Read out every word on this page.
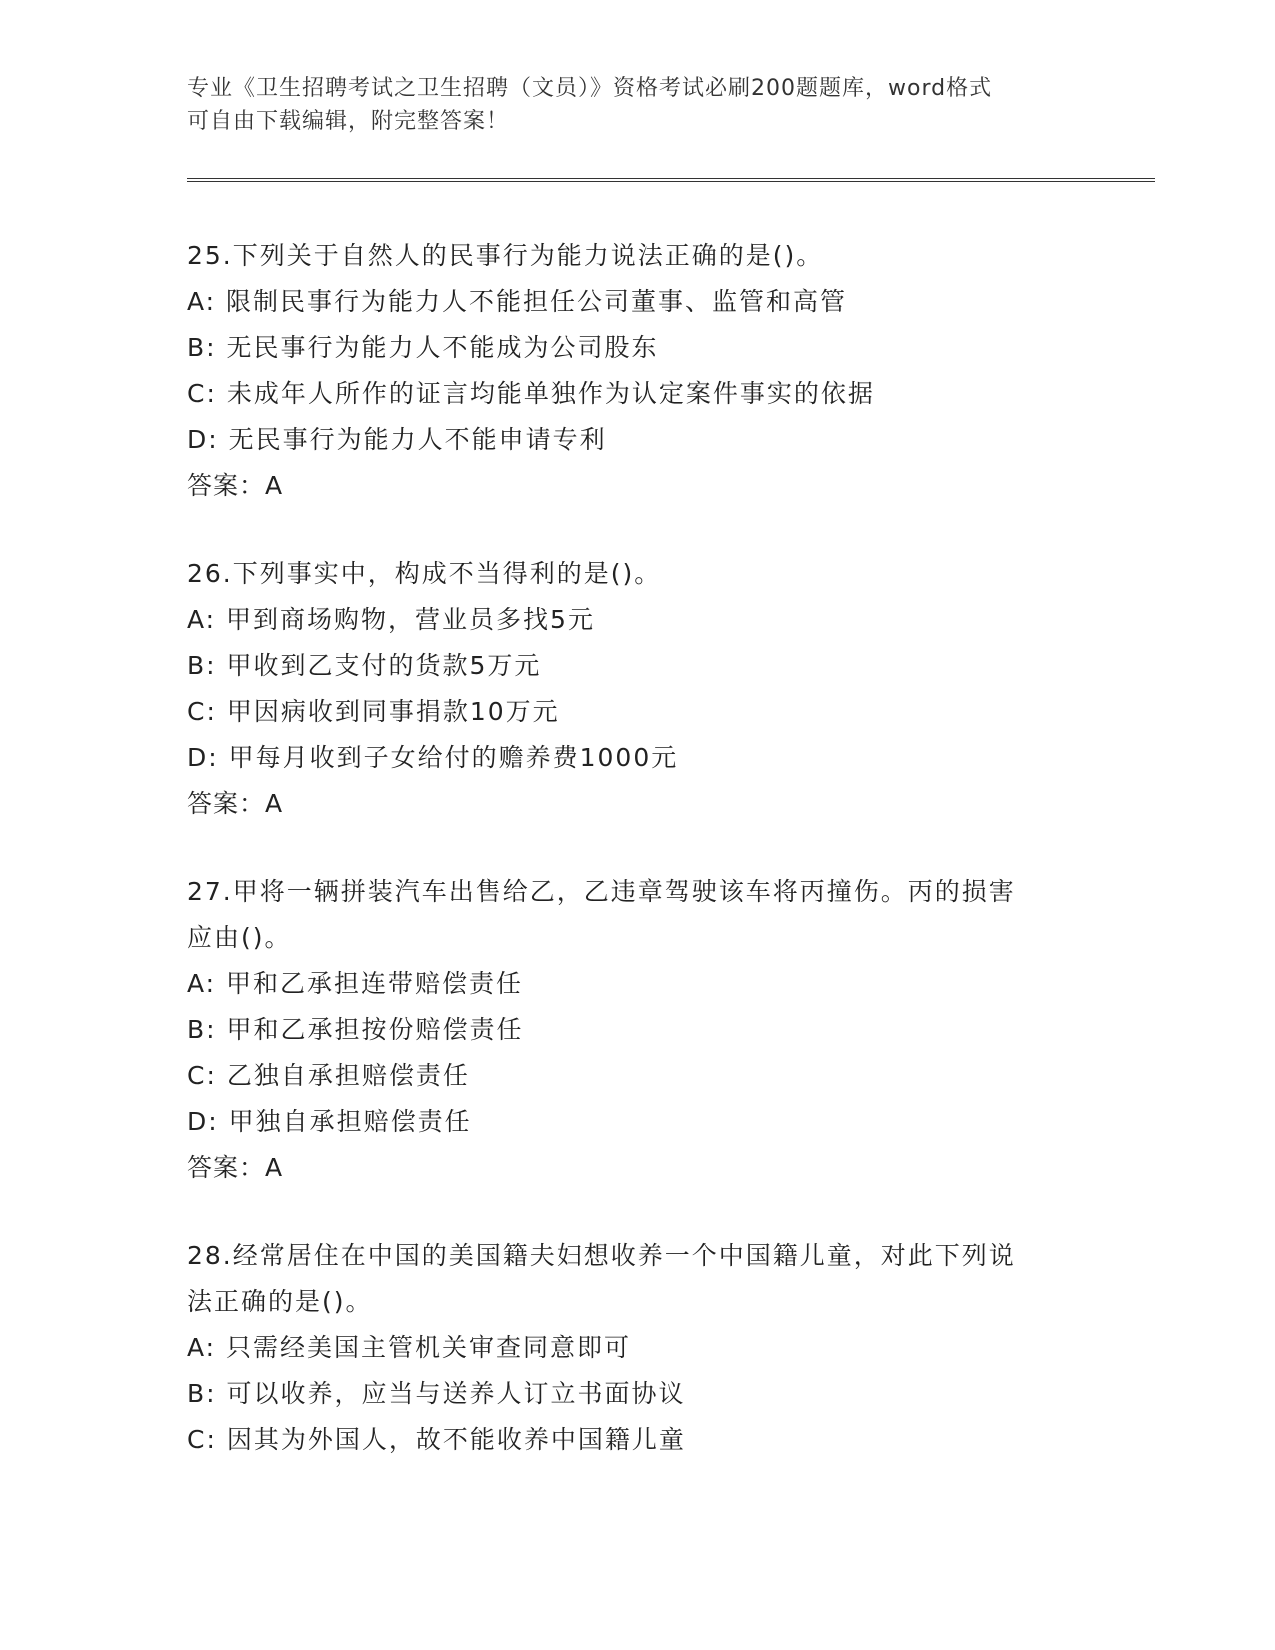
专业《卫生招聘考试之卫生招聘（文员）》资格考试必刷200题题库，word格式
可自由下载编辑，附完整答案！
25.下列关于自然人的民事行为能力说法正确的是()。
A: 限制民事行为能力人不能担任公司董事、监管和高管
B: 无民事行为能力人不能成为公司股东
C: 未成年人所作的证言均能单独作为认定案件事实的依据
D: 无民事行为能力人不能申请专利
答案：A
26.下列事实中，构成不当得利的是()。
A: 甲到商场购物，营业员多找5元
B: 甲收到乙支付的货款5万元
C: 甲因病收到同事捐款10万元
D: 甲每月收到子女给付的赡养费1000元
答案：A
27.甲将一辆拼装汽车出售给乙，乙违章驾驶该车将丙撞伤。丙的损害
应由()。
A: 甲和乙承担连带赔偿责任
B: 甲和乙承担按份赔偿责任
C: 乙独自承担赔偿责任
D: 甲独自承担赔偿责任
答案：A
28.经常居住在中国的美国籍夫妇想收养一个中国籍儿童，对此下列说
法正确的是()。
A: 只需经美国主管机关审查同意即可
B: 可以收养，应当与送养人订立书面协议
C: 因其为外国人，故不能收养中国籍儿童
